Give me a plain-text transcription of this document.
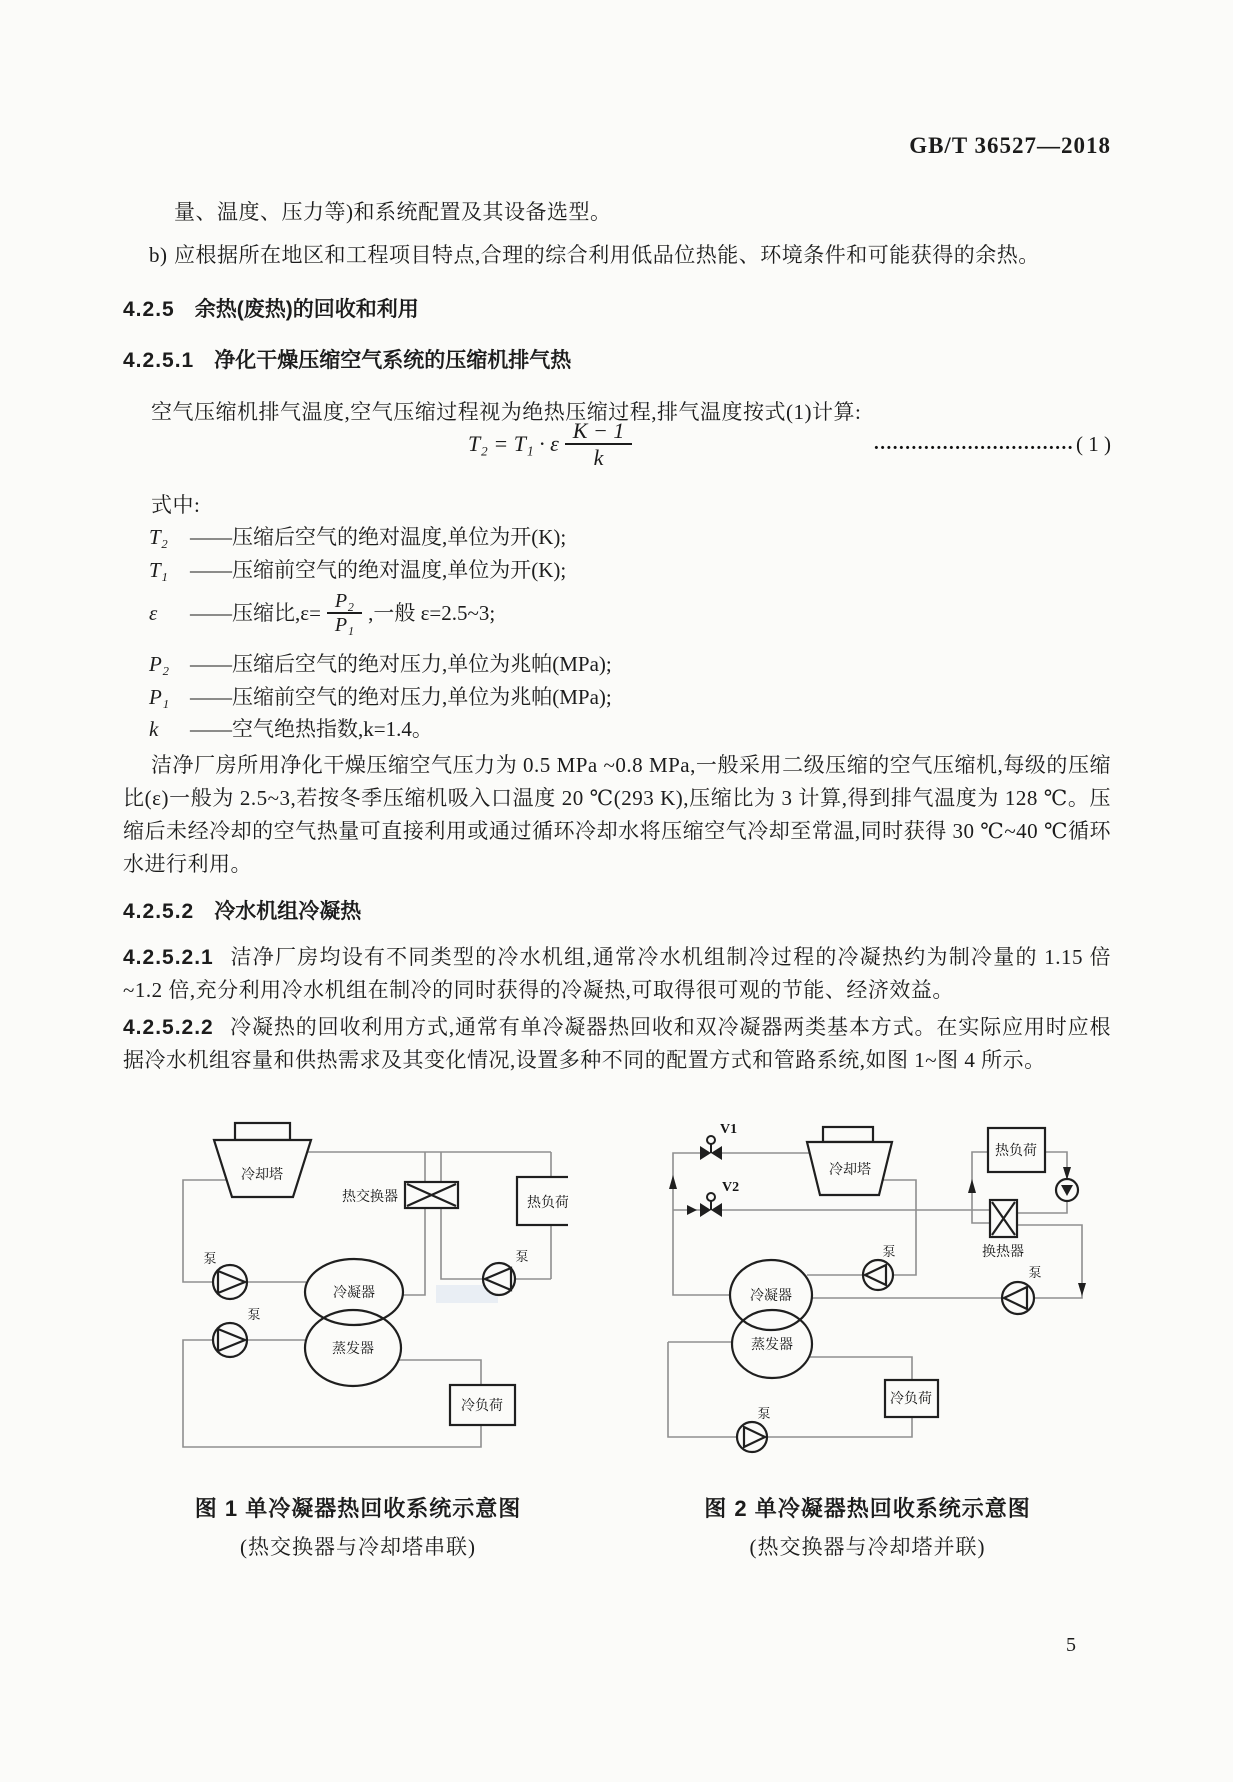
GB/T 36527—2018
量、温度、压力等)和系统配置及其设备选型。
b) 应根据所在地区和工程项目特点,合理的综合利用低品位热能、环境条件和可能获得的余热。
4.2.5 余热(废热)的回收和利用
4.2.5.1 净化干燥压缩空气系统的压缩机排气热
空气压缩机排气温度,空气压缩过程视为绝热压缩过程,排气温度按式(1)计算:
T₂ = T₁ · ε $\frac{K - 1}{k}$	................................ ( 1 )
式中:
T₂ ——压缩后空气的绝对温度,单位为开(K);
T₁ ——压缩前空气的绝对温度,单位为开(K);
ε	——压缩比$,\varepsilon= \frac{\text{P₂}}{\text{P₁}}$ ,一般 ε=2.5~3;
P₂ ——压缩后空气的绝对压力,单位为兆帕(MPa);
P₁ ——压缩前空气的绝对压力,单位为兆帕(MPa);
k ——空气绝热指数,k=1.4。
洁净厂房所用净化干燥压缩空气压力为 0.5 MPa ~0.8 MPa,一般采用二级压缩的空气压缩机,每级的压缩比(ε)一般为 2.5~3,若按冬季压缩机吸入口温度 20 ℃(293 K),压缩比为 3 计算,得到排气温度为 128 ℃。压缩后未经冷却的空气热量可直接利用或通过循环冷却水将压缩空气冷却至常温,同时获得 30 ℃~40 ℃循环水进行利用。
4.2.5.2 冷水机组冷凝热
4.2.5.2.1 洁净厂房均设有不同类型的冷水机组,通常冷水机组制冷过程的冷凝热约为制冷量的 1.15 倍~1.2 倍,充分利用冷水机组在制冷的同时获得的冷凝热,可取得很可观的节能、经济效益。
4.2.5.2.2 冷凝热的回收利用方式,通常有单冷凝器热回收和双冷凝器两类基本方式。在实际应用时应根据冷水机组容量和供热需求及其变化情况,设置多种不同的配置方式和管路系统,如图 1~图 4 所示。
冷却塔
热交换器	热负荷
泵
泵
泵
冷凝器
蒸发器
冷负荷
图 1 单冷凝器热回收系统示意图
(热交换器与冷却塔串联)
V1
V2
冷却塔
热负荷
换热器
泵
泵
冷凝器
蒸发器
冷负荷
泵
图 2 单冷凝器热回收系统示意图
(热交换器与冷却塔并联)
5
